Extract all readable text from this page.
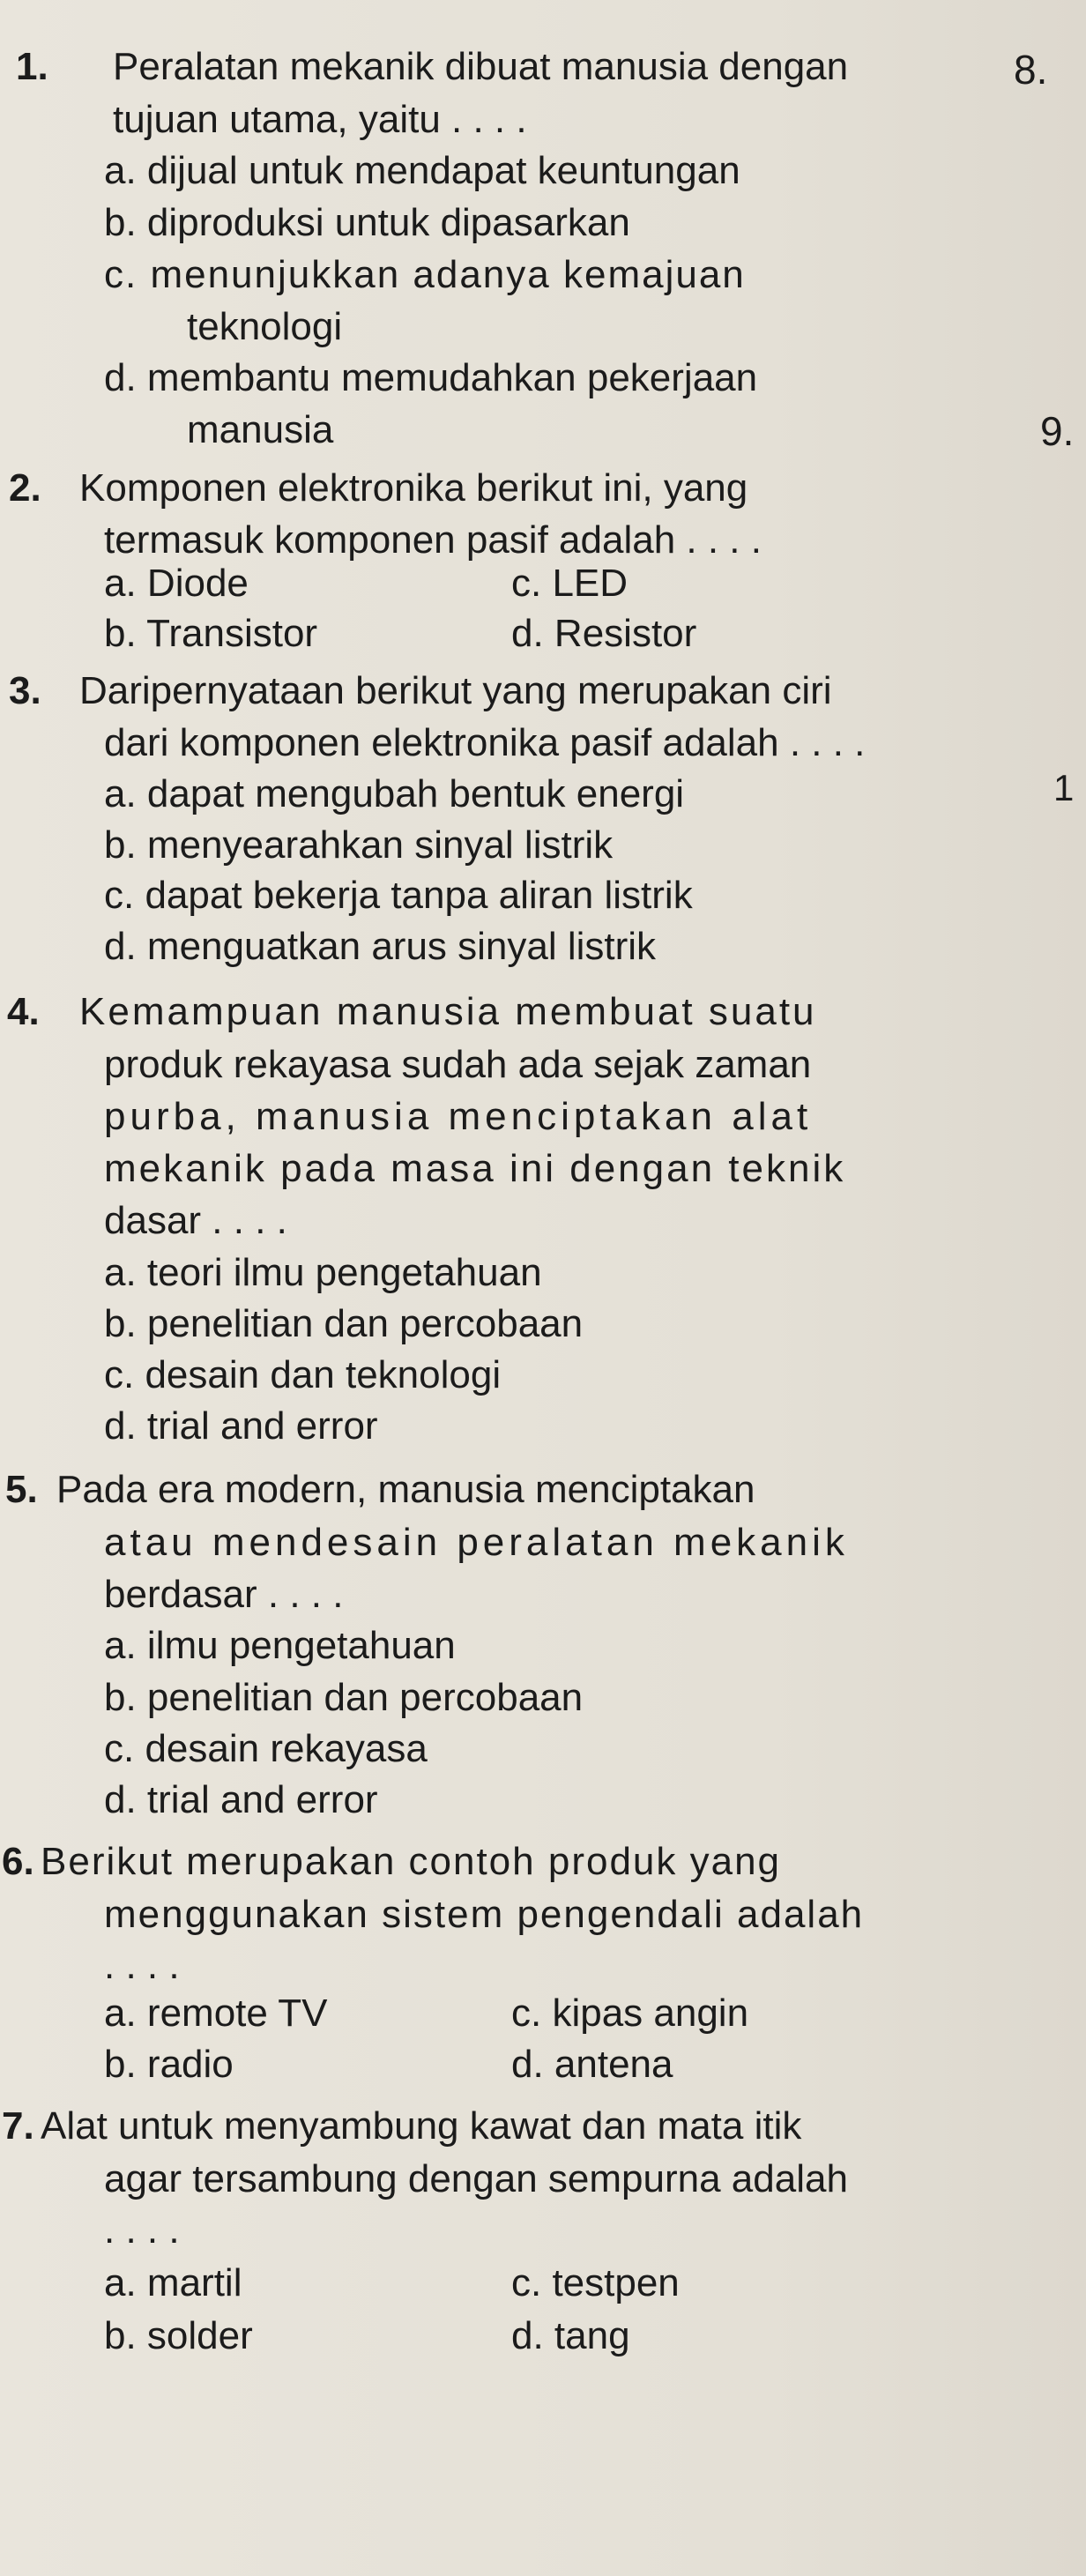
1. Peralatan mekanik dibuat manusia dengan
tujuan utama, yaitu . . . .
a. dijual untuk mendapat keuntungan
b. diproduksi untuk dipasarkan
c. menunjukkan adanya kemajuan
teknologi
d. membantu memudahkan pekerjaan
manusia
2. Komponen elektronika berikut ini, yang
termasuk komponen pasif adalah . . . .
a. Diode	c. LED
b. Transistor	d. Resistor
3. Daripernyataan berikut yang merupakan ciri
dari komponen elektronika pasif adalah . . . .
a. dapat mengubah bentuk energi
b. menyearahkan sinyal listrik
c. dapat bekerja tanpa aliran listrik
d. menguatkan arus sinyal listrik
4. Kemampuan manusia membuat suatu
produk rekayasa sudah ada sejak zaman
purba, manusia menciptakan alat
mekanik pada masa ini dengan teknik
dasar . . . .
a. teori ilmu pengetahuan
b. penelitian dan percobaan
c. desain dan teknologi
d. trial and error
5. Pada era modern, manusia menciptakan
atau mendesain peralatan mekanik
berdasar . . . .
a. ilmu pengetahuan
b. penelitian dan percobaan
c. desain rekayasa
d. trial and error
6. Berikut merupakan contoh produk yang
menggunakan sistem pengendali adalah
. . . .
a. remote TV	c. kipas angin
b. radio	d. antena
7. Alat untuk menyambung kawat dan mata itik
agar tersambung dengan sempurna adalah
. . . .
a. martil	c. testpen
b. solder	d. tang
8.
9.
1
